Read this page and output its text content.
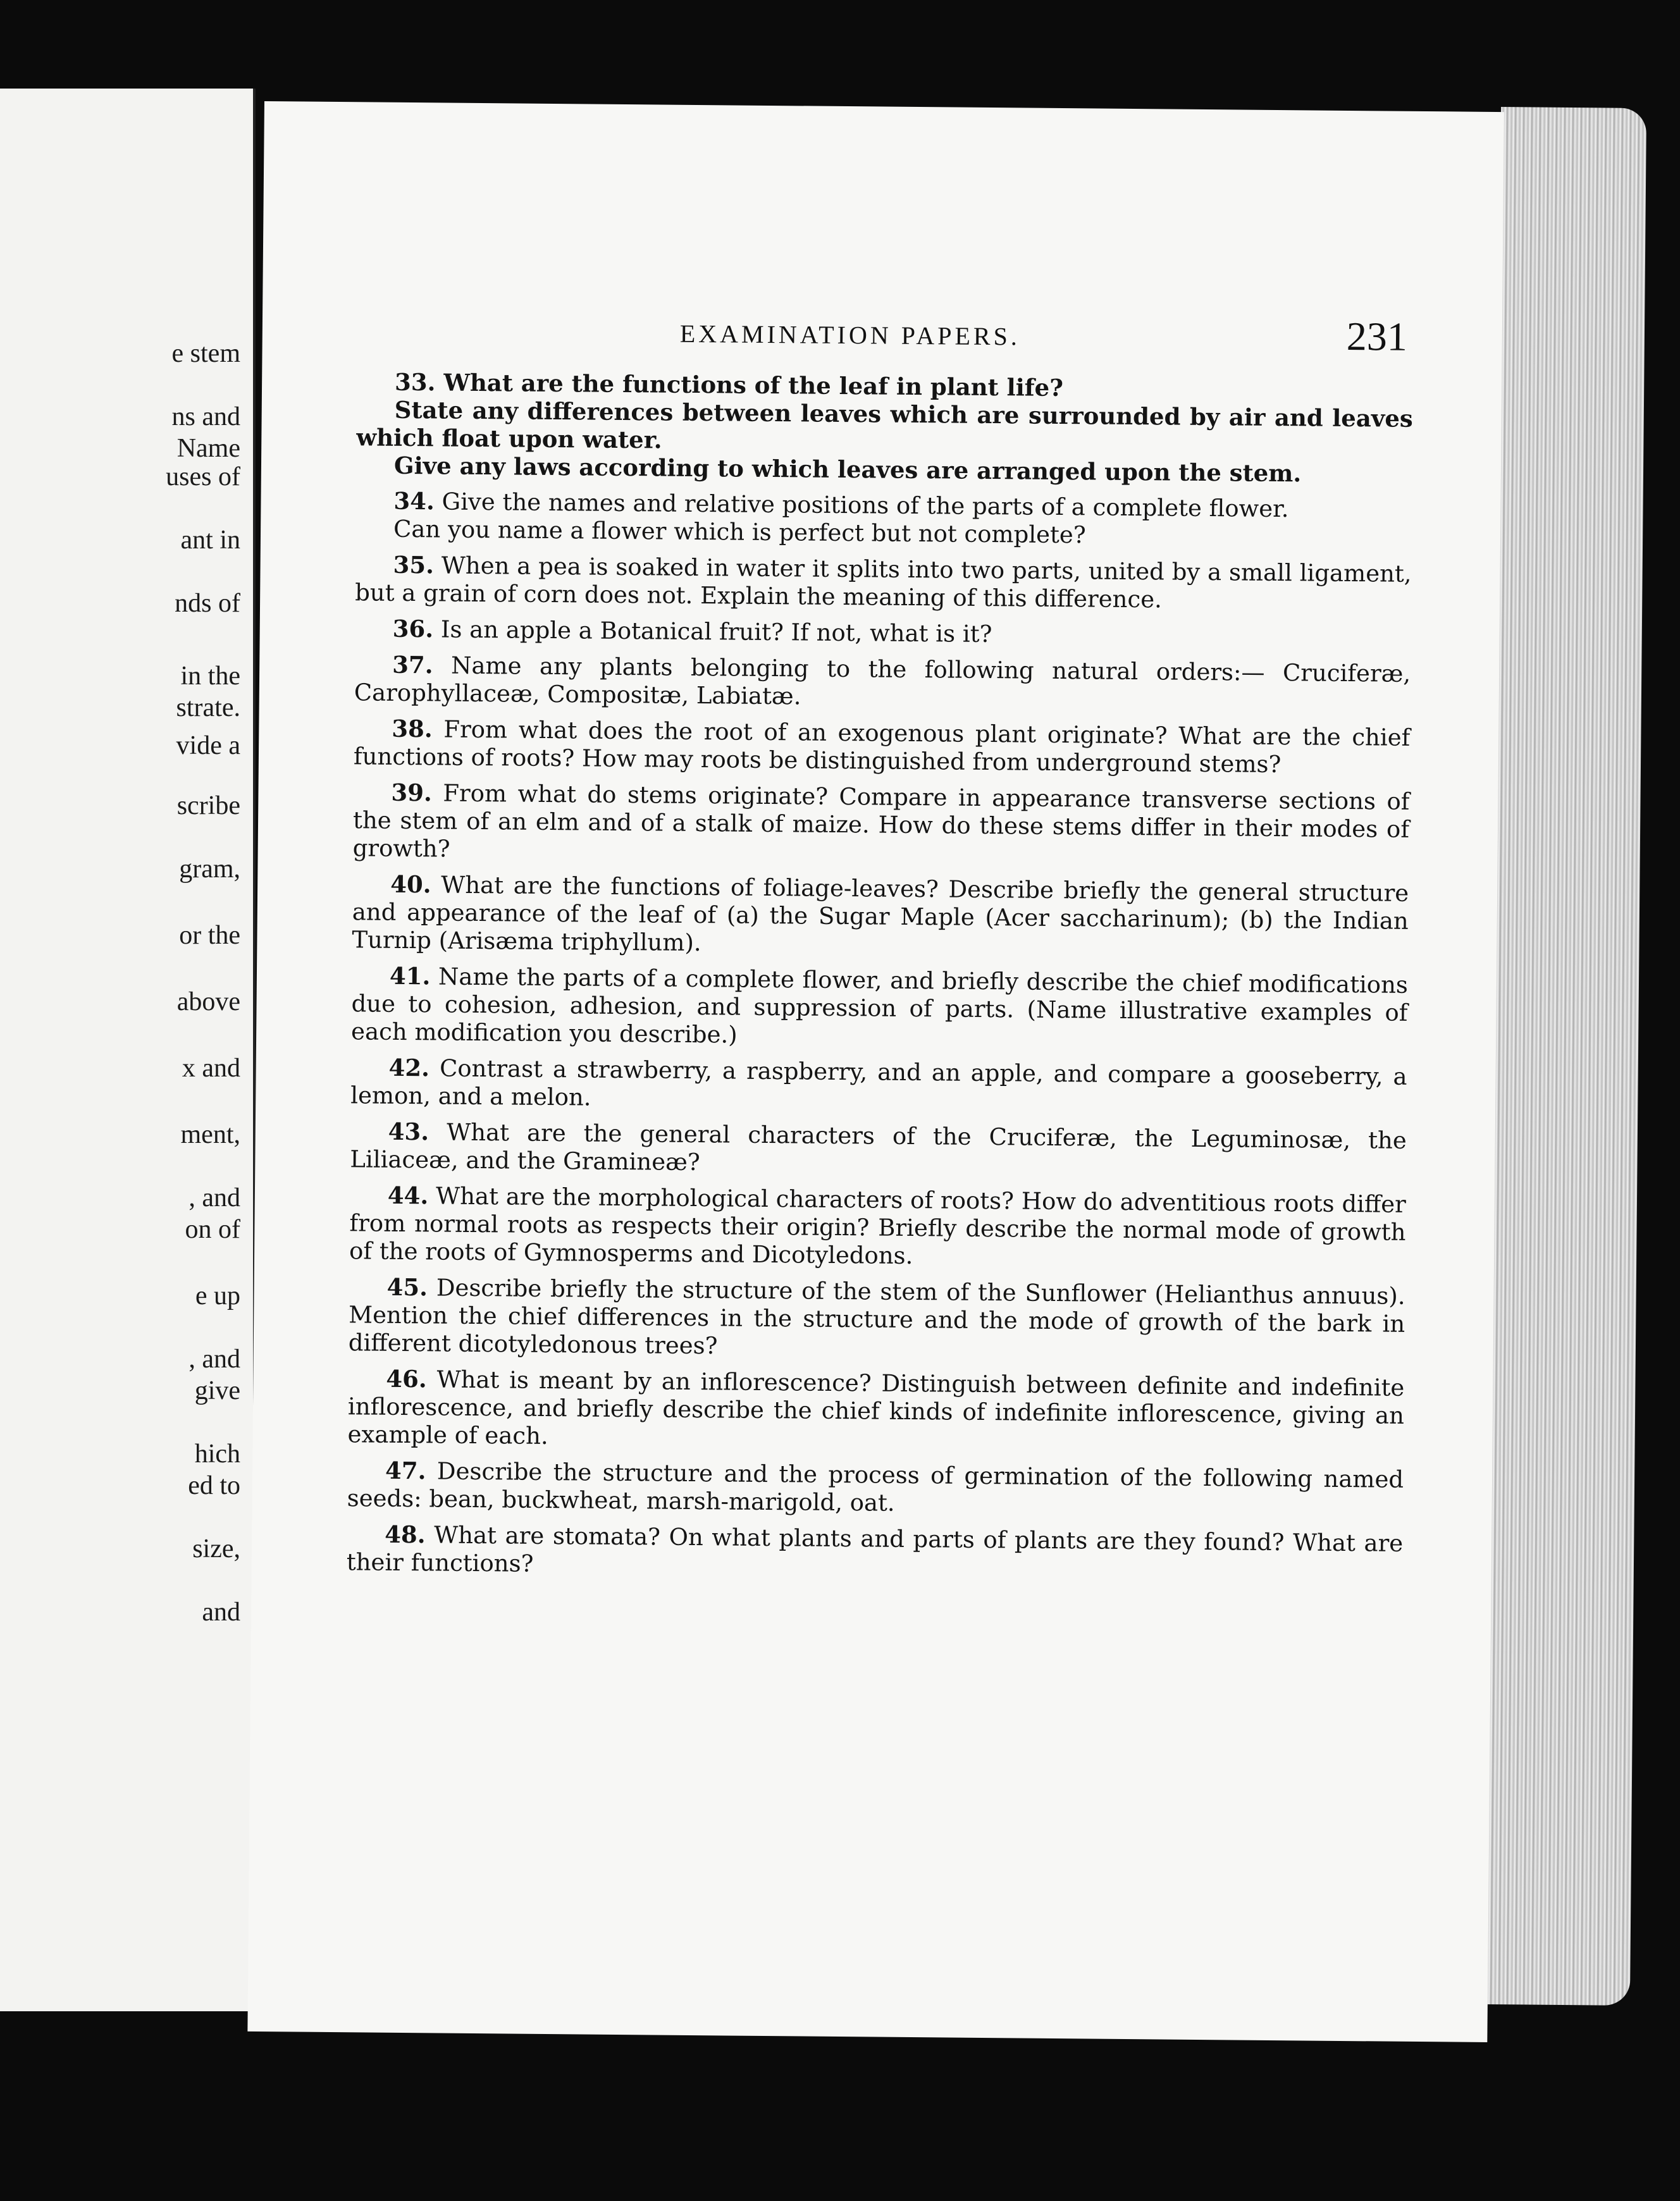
e stem
ns and
Name
uses of
ant in
nds of
in the
strate.
vide a
scribe
gram,
or the
above
x and
ment,
, and
on of
e up
, and
give
hich
ed to
size,
and
EXAMINATION PAPERS.	231

33. What are the functions of the leaf in plant life?

State any differences between leaves which are surrounded by air and leaves which float upon water.

Give any laws according to which leaves are arranged upon the stem.

34. Give the names and relative positions of the parts of a complete flower.

Can you name a flower which is perfect but not complete?

35. When a pea is soaked in water it splits into two parts, united by a small ligament, but a grain of corn does not. Explain the meaning of this difference.

36. Is an apple a Botanical fruit? If not, what is it?

37. Name any plants belonging to the following natural orders:— Cruciferæ, Carophyllaceæ, Compositæ, Labiatæ.

38. From what does the root of an exogenous plant originate? What are the chief functions of roots? How may roots be distinguished from underground stems?

39. From what do stems originate? Compare in appearance transverse sections of the stem of an elm and of a stalk of maize. How do these stems differ in their modes of growth?

40. What are the functions of foliage-leaves? Describe briefly the general structure and appearance of the leaf of (a) the Sugar Maple (Acer saccharinum); (b) the Indian Turnip (Arisæma triphyllum).

41. Name the parts of a complete flower, and briefly describe the chief modifications due to cohesion, adhesion, and suppression of parts. (Name illustrative examples of each modification you describe.)

42. Contrast a strawberry, a raspberry, and an apple, and compare a gooseberry, a lemon, and a melon.

43. What are the general characters of the Cruciferæ, the Leguminosæ, the Liliaceæ, and the Gramineæ?

44. What are the morphological characters of roots? How do adventitious roots differ from normal roots as respects their origin? Briefly describe the normal mode of growth of the roots of Gymnosperms and Dicotyledons.

45. Describe briefly the structure of the stem of the Sunflower (Helianthus annuus). Mention the chief differences in the structure and the mode of growth of the bark in different dicotyledonous trees?

46. What is meant by an inflorescence? Distinguish between definite and indefinite inflorescence, and briefly describe the chief kinds of indefinite inflorescence, giving an example of each.

47. Describe the structure and the process of germination of the following named seeds: bean, buckwheat, marsh-marigold, oat.

48. What are stomata? On what plants and parts of plants are they found? What are their functions?
